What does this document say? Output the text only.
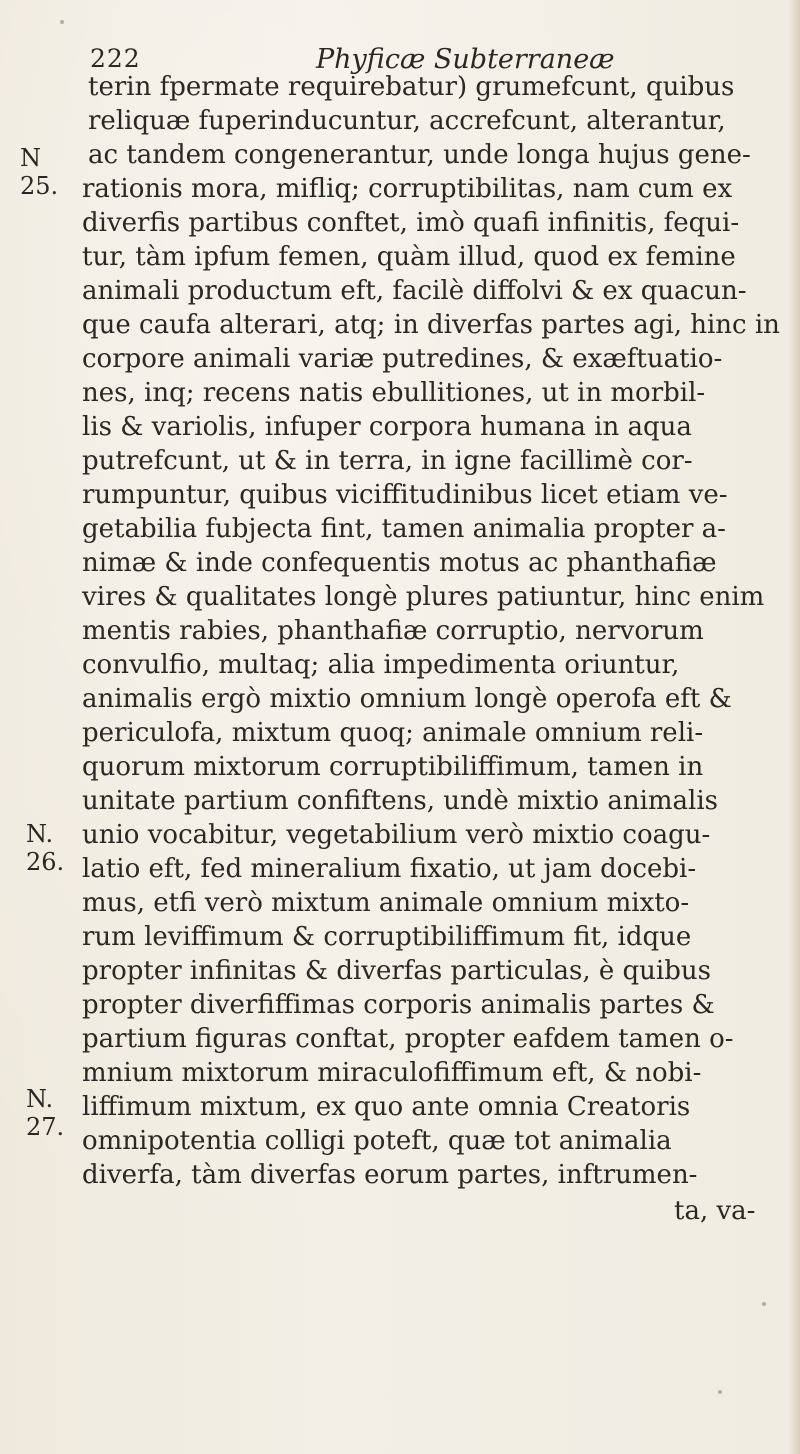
222	Phyficæ Subterraneæ
N
25.
N.
26.
N.
27.
terin fpermate requirebatur) grumefcunt, quibus
reliquæ fuperinducuntur, accrefcunt, alterantur,
ac tandem congenerantur, unde longa hujus gene-
rationis mora, mifliq; corruptibilitas, nam cum ex
diverfis partibus conftet, imò quafi infinitis, fequi-
tur, tàm ipfum femen, quàm illud, quod ex femine
animali productum eft, facilè diffolvi & ex quacun-
que caufa alterari, atq; in diverfas partes agi, hinc in
corpore animali variæ putredines, & exæftuatio-
nes, inq; recens natis ebullitiones, ut in morbil-
lis & variolis, infuper corpora humana in aqua
putrefcunt, ut & in terra, in igne facillimè cor-
rumpuntur, quibus viciffitudinibus licet etiam ve-
getabilia fubjecta fint, tamen animalia propter a-
nimæ & inde confequentis motus ac phanthafiæ
vires & qualitates longè plures patiuntur, hinc enim
mentis rabies, phanthafiæ corruptio, nervorum
convulfio, multaq; alia impedimenta oriuntur,
animalis ergò mixtio omnium longè operofa eft &
periculofa, mixtum quoq; animale omnium reli-
quorum mixtorum corruptibiliffimum, tamen in
unitate partium confiftens, undè mixtio animalis
unio vocabitur, vegetabilium verò mixtio coagu-
latio eft, fed mineralium fixatio, ut jam docebi-
mus, etfi verò mixtum animale omnium mixto-
rum leviffimum & corruptibiliffimum fit, idque
propter infinitas & diverfas particulas, è quibus
propter diverfiffimas corporis animalis partes &
partium figuras conftat, propter eafdem tamen o-
mnium mixtorum miraculofiffimum eft, & nobi-
liffimum mixtum, ex quo ante omnia Creatoris
omnipotentia colligi poteft, quæ tot animalia
diverfa, tàm diverfas eorum partes, inftrumen-
ta, va-
